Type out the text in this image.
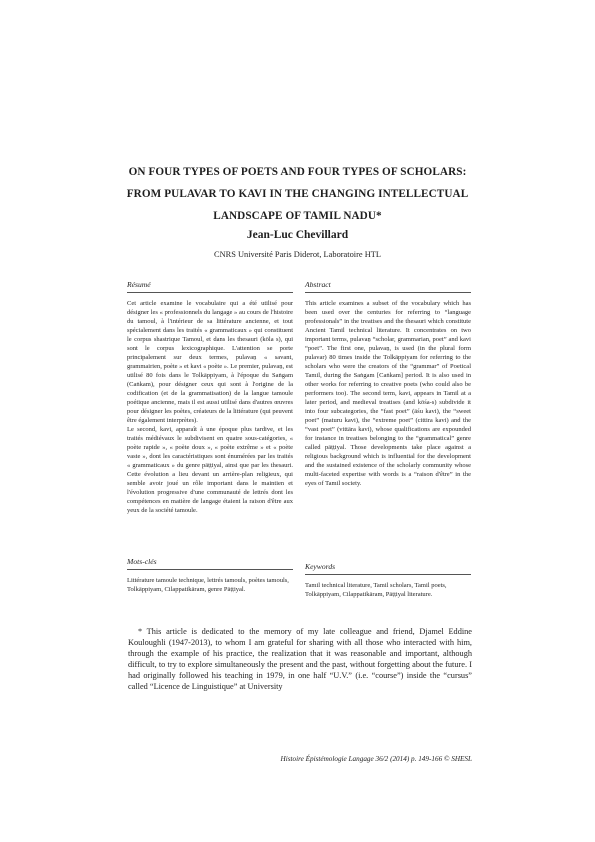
ON FOUR TYPES OF POETS AND FOUR TYPES OF SCHOLARS:
FROM PULAVAR TO KAVI IN THE CHANGING INTELLECTUAL
LANDSCAPE OF TAMIL NADU*
Jean-Luc Chevillard
CNRS Université Paris Diderot, Laboratoire HTL
Résumé

Cet article examine le vocabulaire qui a été utilisé pour désigner les « professionnels du langage » au cours de l'histoire du tamoul, à l'intérieur de sa littérature ancienne, et tout spécialement dans les traités « grammaticaux » qui constituent le corpus shastrique Tamoul, et dans les thesauri (kōla s), qui sont le corpus lexicographique. L'attention se porte principalement sur deux termes, pulavaṉ « savant, grammairien, poète » et kavi « poète ». Le premier, pulavaṉ, est utilisé 80 fois dans le Tolkāppiyam, à l'époque du Saṅgam (Caṅkam), pour désigner ceux qui sont à l'origine de la codification (et de la grammatisation) de la langue tamoule poétique ancienne, mais il est aussi utilisé dans d'autres œuvres pour désigner les poètes, créateurs de la littérature (qui peuvent être également interprètes).

Le second, kavi, apparaît à une époque plus tardive, et les traités médiévaux le subdivisent en quatre sous-catégories, « poète rapide », « poète doux », « poète extrême » et « poète vaste », dont les caractéristiques sont énumérées par les traités « grammaticaux » du genre pāṭṭiyal, ainsi que par les thesauri. Cette évolution a lieu devant un arrière-plan religieux, qui semble avoir joué un rôle important dans le maintien et l'évolution progressive d'une communauté de lettrés dont les compétences en matière de langage étaient la raison d'être aux yeux de la société tamoule.

Abstract

This article examines a subset of the vocabulary which has been used over the centuries for referring to “language professionals” in the treatises and the thesauri which constitute Ancient Tamil technical literature. It concentrates on two important terms, pulavaṉ “scholar, grammarian, poet” and kavi “poet”. The first one, pulavaṉ, is used (in the plural form pulavar) 80 times inside the Tolkāppiyam for referring to the scholars who were the creators of the “grammar” of Poetical Tamil, during the Saṅgam [Caṅkam] period. It is also used in other works for referring to creative poets (who could also be performers too). The second term, kavi, appears in Tamil at a later period, and medieval treatises (and kōśa-s) subdivide it into four subcategories, the “fast poet” (āśu kavi), the “sweet poet” (maturu kavi), the “extreme poet” (cittira kavi) and the “vast poet” (vittāra kavi), whose qualifications are expounded for instance in treatises belonging to the “grammatical” genre called pāṭṭiyal. Those developments take place against a religious background which is influential for the development and the sustained existence of the scholarly community whose multi-faceted expertise with words is a “raison d'être” in the eyes of Tamil society.

Mots-clés
Littérature tamoule technique, lettrés tamouls, poètes tamouls, Tolkāppiyam, Cilappatikāram, genre Pāṭṭiyal.
Keywords
Tamil technical literature, Tamil scholars, Tamil poets, Tolkāppiyam, Cilappatikāram, Pāṭṭiyal literature.
* This article is dedicated to the memory of my late colleague and friend, Djamel Eddine Kouloughli (1947-2013), to whom I am grateful for sharing with all those who interacted with him, through the example of his practice, the realization that it was reasonable and important, although difficult, to try to explore simultaneously the present and the past, without forgetting about the future. I had originally followed his teaching in 1979, in one half “U.V.” (i.e. “course”) inside the “cursus” called “Licence de Linguistique” at University
Histoire Épistémologie Langage 36/2 (2014) p. 149-166 © SHESL
